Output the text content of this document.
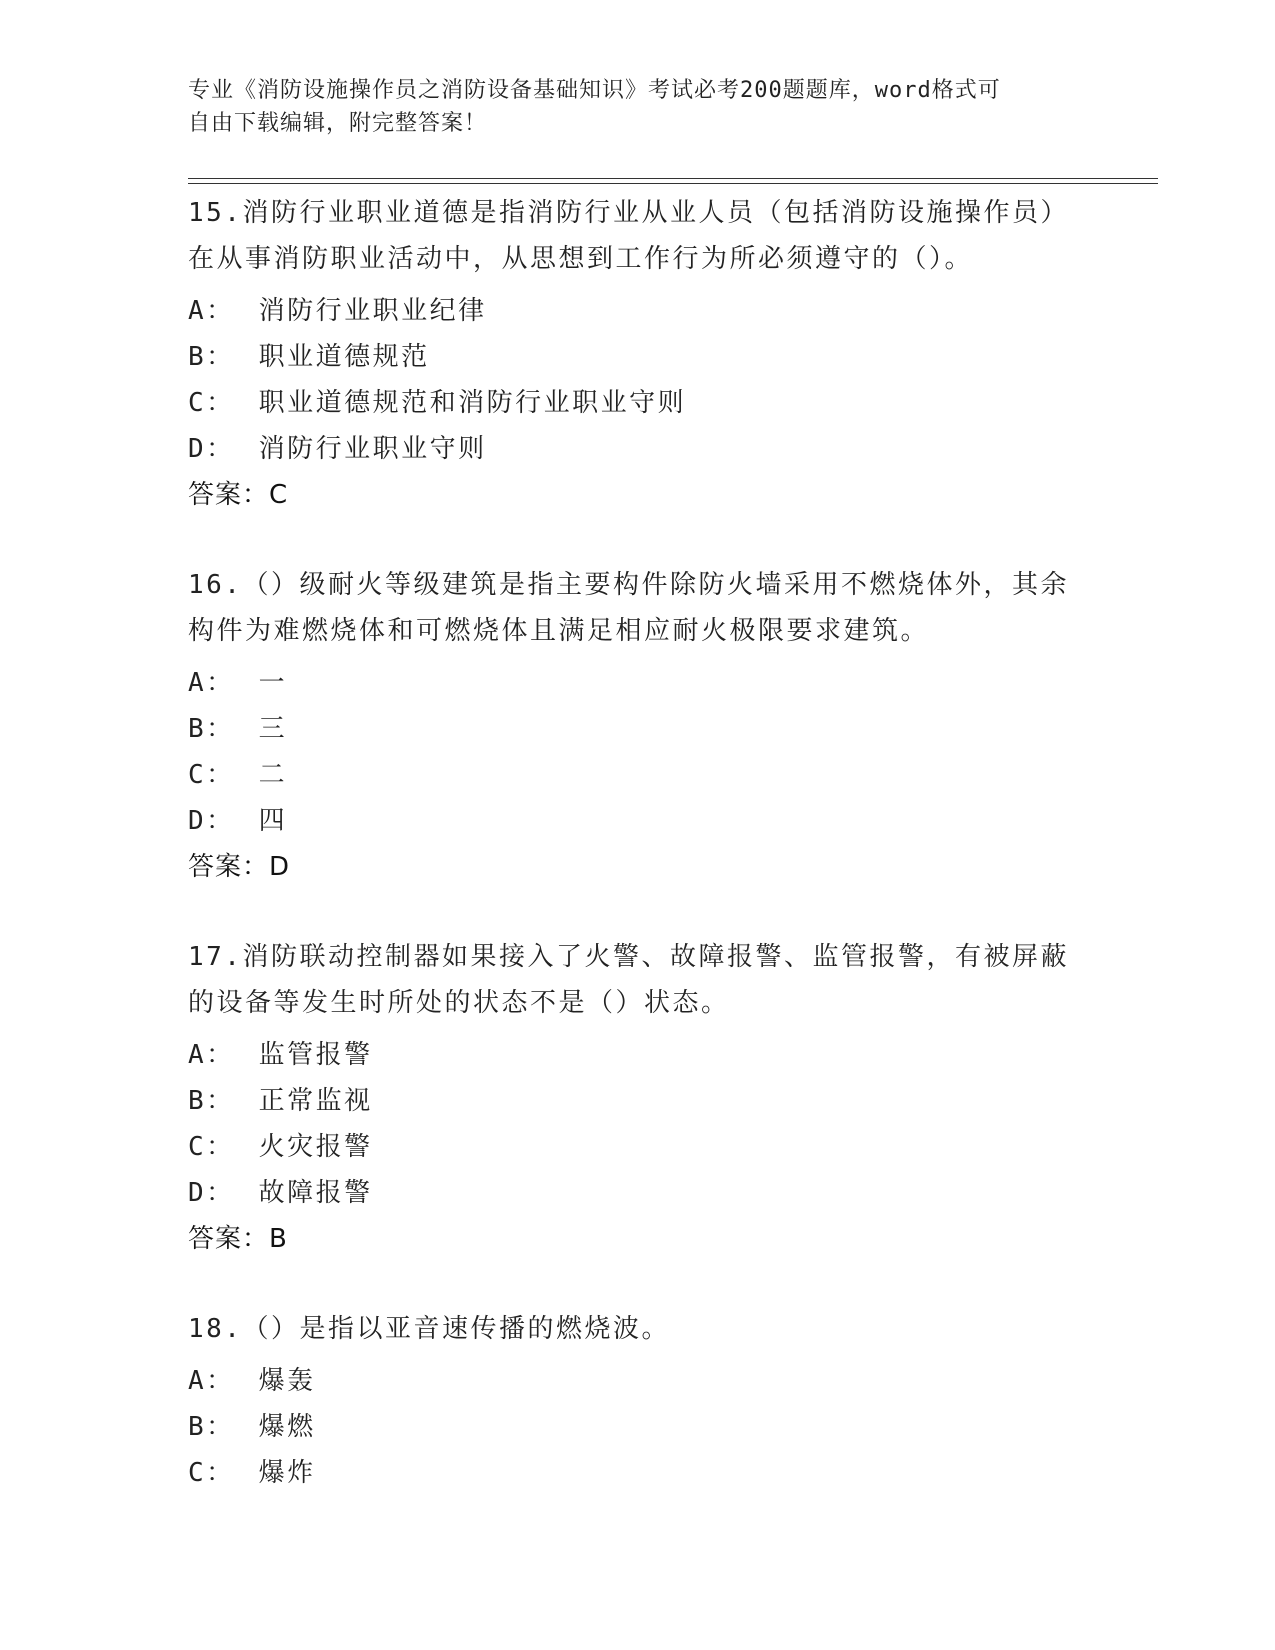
专业《消防设施操作员之消防设备基础知识》考试必考200题题库，word格式可

自由下载编辑，附完整答案！

15.消防行业职业道德是指消防行业从业人员（包括消防设施操作员）
在从事消防职业活动中，从思想到工作行为所必须遵守的（）。

A： 消防行业职业纪律

B： 职业道德规范

C： 职业道德规范和消防行业职业守则

D： 消防行业职业守则

答案：C

16.（）级耐火等级建筑是指主要构件除防火墙采用不燃烧体外，其余
构件为难燃烧体和可燃烧体且满足相应耐火极限要求建筑。

A： 一

B： 三

C： 二

D： 四

答案：D

17.消防联动控制器如果接入了火警、故障报警、监管报警，有被屏蔽
的设备等发生时所处的状态不是（）状态。

A： 监管报警

B： 正常监视

C： 火灾报警

D： 故障报警

答案：B

18.（）是指以亚音速传播的燃烧波。

A： 爆轰

B： 爆燃

C： 爆炸
